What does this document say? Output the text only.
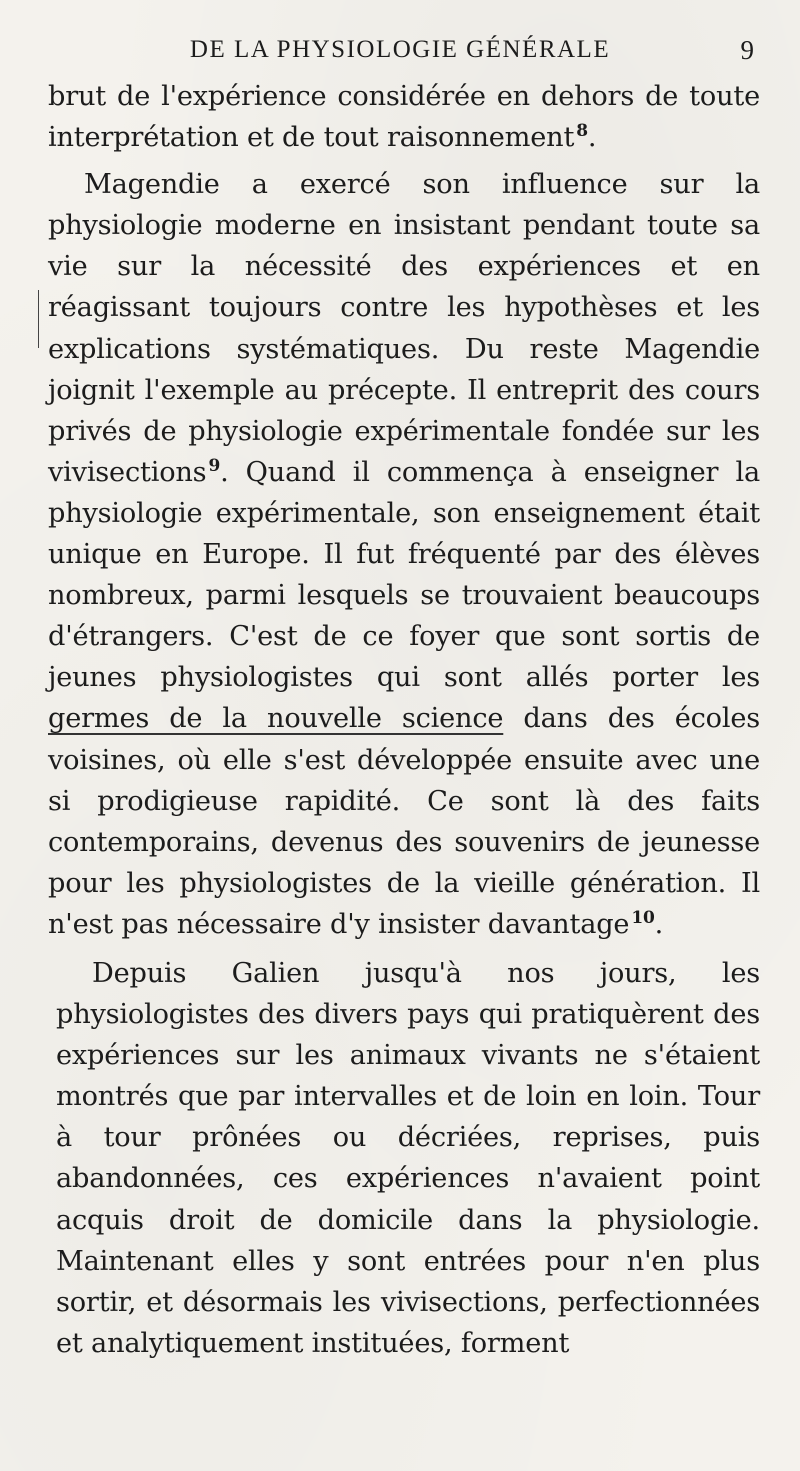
DE LA PHYSIOLOGIE GÉNÉRALE	9

brut de l'expérience considérée en dehors de toute interprétation et de tout raisonnement $^8$.

Magendie a exercé son influence sur la physiologie moderne en insistant pendant toute sa vie sur la nécessité des expériences et en réagissant toujours contre les hypothèses et les explications systématiques. Du reste Magendie joignit l'exemple au précepte. Il entreprit des cours privés de physiologie expérimentale fondée sur les vivisections $^9$. Quand il commença à enseigner la physiologie expérimentale, son enseignement était unique en Europe. Il fut fréquenté par des élèves nombreux, parmi lesquels se trouvaient beaucoups d'étrangers. C'est de ce foyer que sont sortis de jeunes physiologistes qui sont allés porter les germes de la nouvelle science dans des écoles voisines, où elle s'est développée ensuite avec une si prodigieuse rapidité. Ce sont là des faits contemporains, devenus des souvenirs de jeunesse pour les physiologistes de la vieille génération. Il n'est pas nécessaire d'y insister davantage $^{10}$.

Depuis Galien jusqu'à nos jours, les physiologistes des divers pays qui pratiquèrent des expériences sur les animaux vivants ne s'étaient montrés que par intervalles et de loin en loin. Tour à tour prônées ou décriées, reprises, puis abandonnées, ces expériences n'avaient point acquis droit de domicile dans la physiologie. Maintenant elles y sont entrées pour n'en plus sortir, et désormais les vivisections, perfectionnées et analytiquement instituées, forment
